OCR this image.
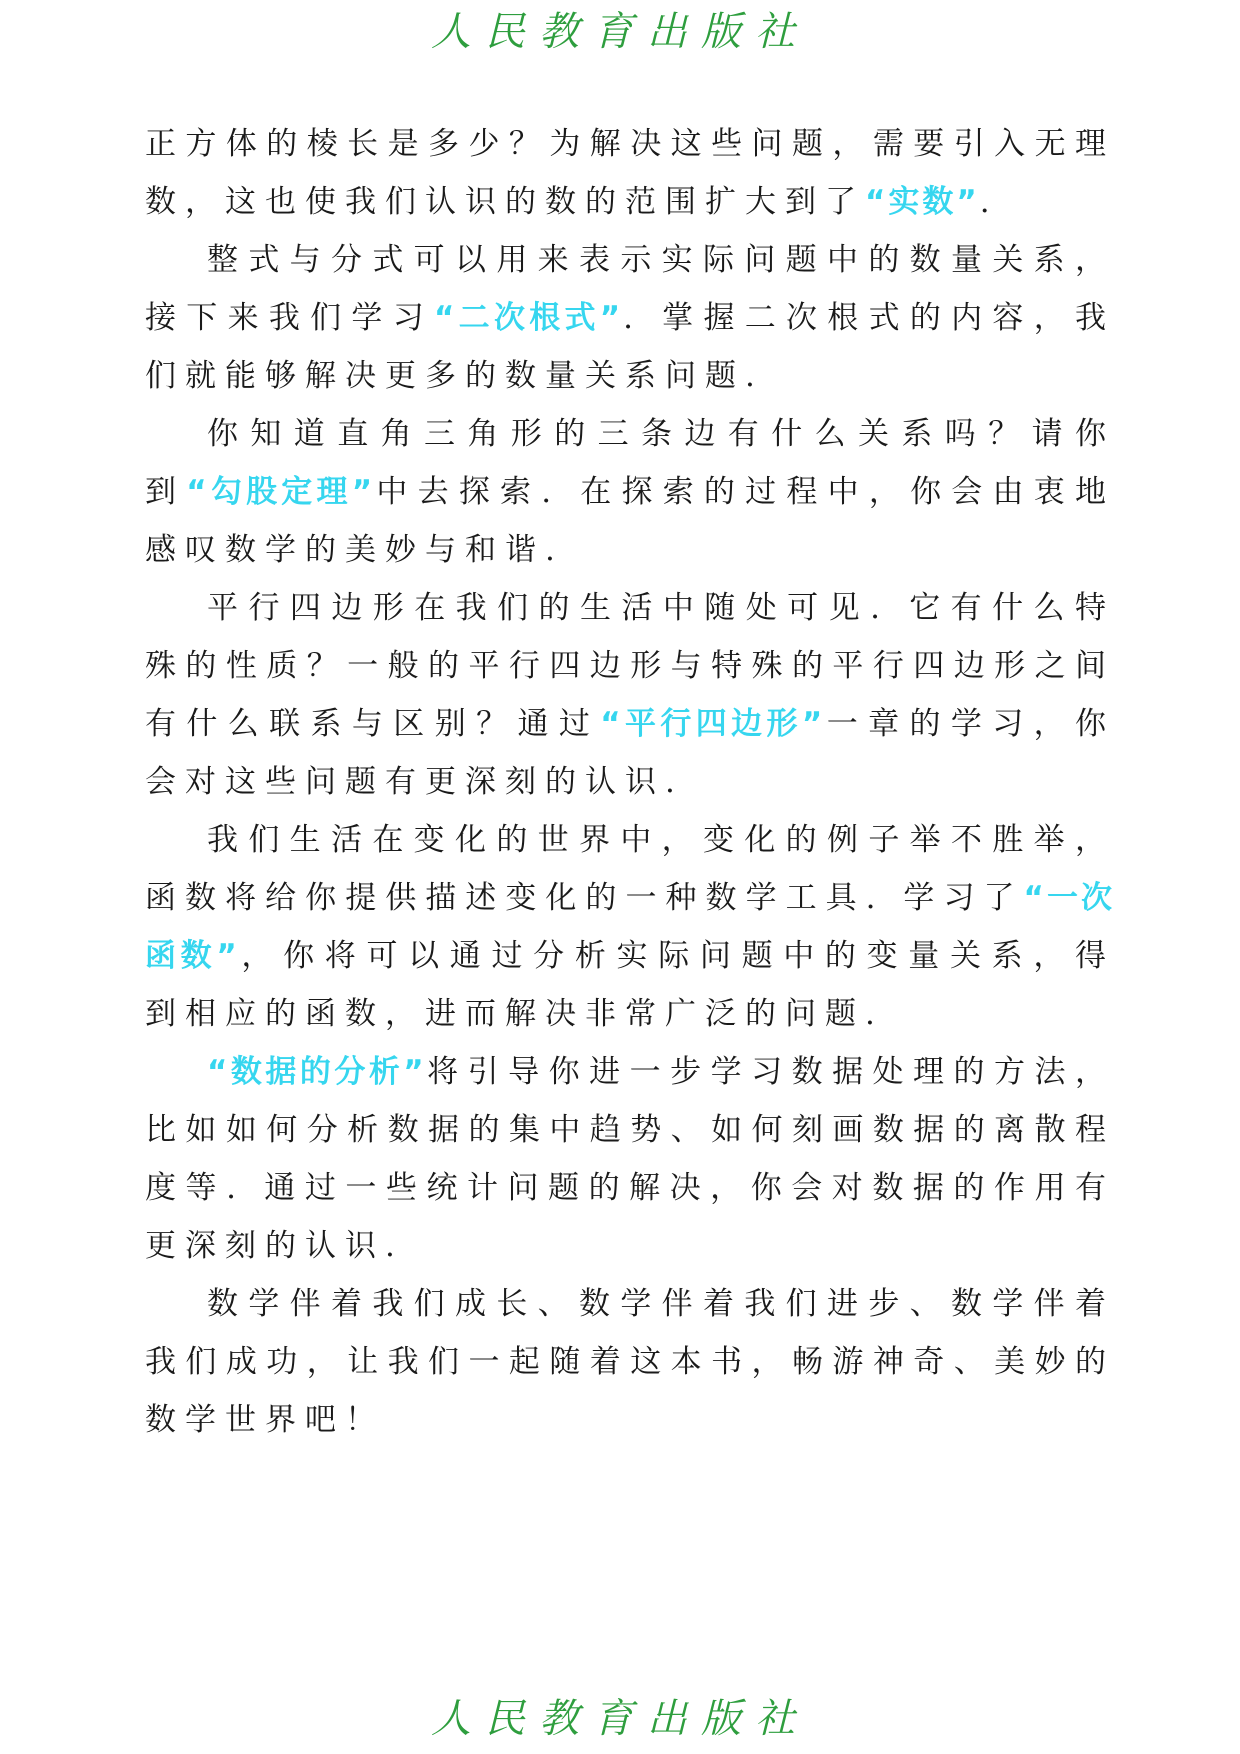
人民教育出版社

正方体的棱长是多少？为解决这些问题，需要引入无理数，这也使我们认识的数的范围扩大到了“实数”.

整式与分式可以用来表示实际问题中的数量关系，接下来我们学习“二次根式”. 掌握二次根式的内容，我们就能够解决更多的数量关系问题.

你知道直角三角形的三条边有什么关系吗？请你到“勾股定理”中去探索. 在探索的过程中，你会由衷地感叹数学的美妙与和谐.

平行四边形在我们的生活中随处可见. 它有什么特殊的性质？一般的平行四边形与特殊的平行四边形之间有什么联系与区别？通过“平行四边形”一章的学习，你会对这些问题有更深刻的认识.

我们生活在变化的世界中，变化的例子举不胜举，函数将给你提供描述变化的一种数学工具. 学习了“一次函数”，你将可以通过分析实际问题中的变量关系，得到相应的函数，进而解决非常广泛的问题.

“数据的分析”将引导你进一步学习数据处理的方法，比如如何分析数据的集中趋势、如何刻画数据的离散程度等. 通过一些统计问题的解决，你会对数据的作用有更深刻的认识.

数学伴着我们成长、数学伴着我们进步、数学伴着我们成功，让我们一起随着这本书，畅游神奇、美妙的数学世界吧！

人民教育出版社
